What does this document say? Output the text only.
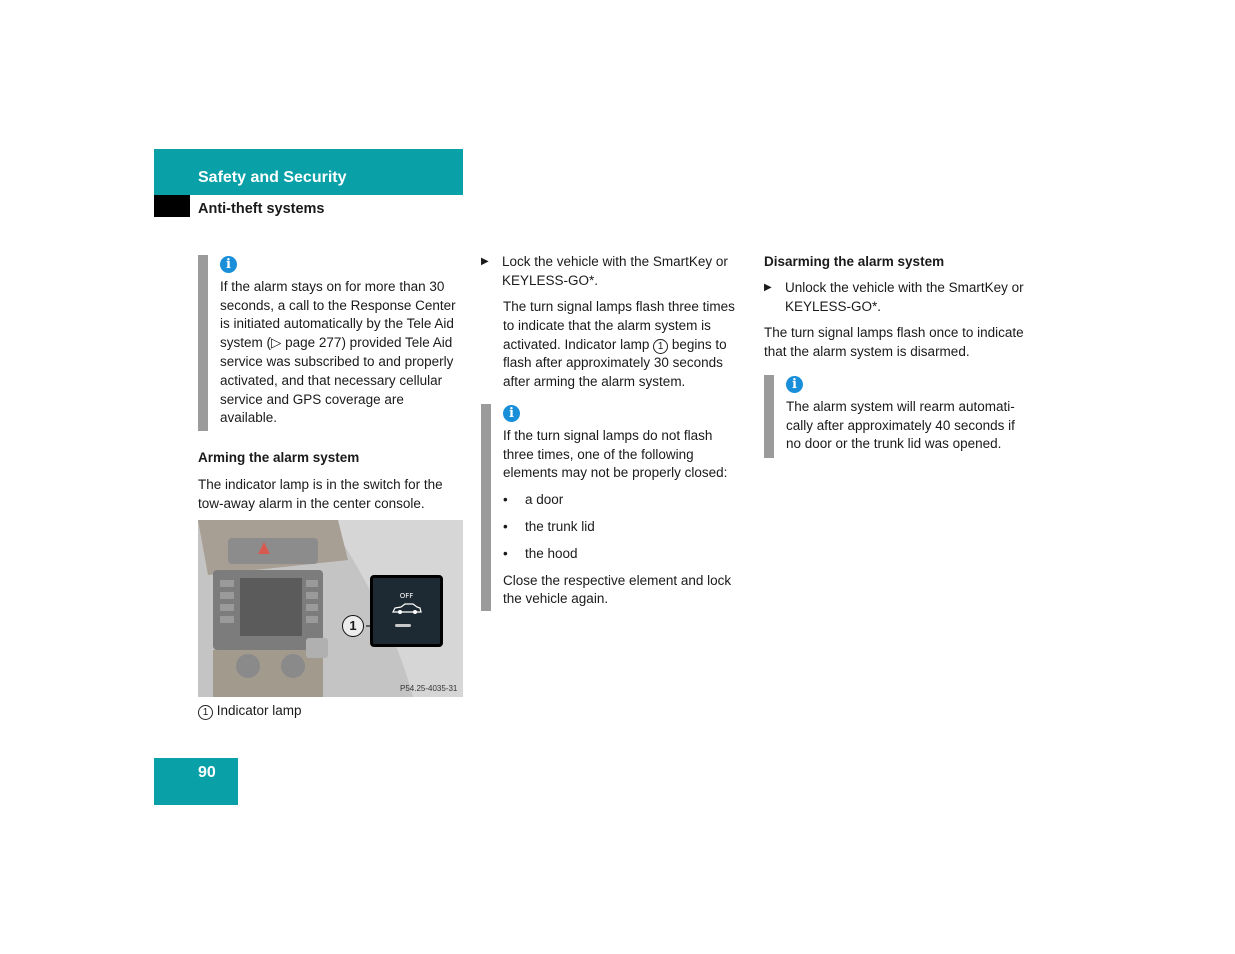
Safety and Security
Anti-theft systems
i

If the alarm stays on for more than 30 seconds, a call to the Response Center is initiated automatically by the Tele Aid system (▷ page 277) provided Tele Aid service was subscribed to and properly activated, and that necessary cellular service and GPS coverage are available.

Arming the alarm system

The indicator lamp is in the switch for the tow-away alarm in the center console.

OFF
1
P54.25-4035-31
1 Indicator lamp
▶ Lock the vehicle with the SmartKey or KEYLESS-GO*.

The turn signal lamps flash three times to indicate that the alarm system is activated. Indicator lamp 1 begins to flash after approximately 30 seconds after arming the alarm system.

i

If the turn signal lamps do not flash three times, one of the following elements may not be properly closed:

•	a door
•	the trunk lid
•	the hood

Close the respective element and lock the vehicle again.

Disarming the alarm system
▶ Unlock the vehicle with the SmartKey or KEYLESS-GO*.

The turn signal lamps flash once to indicate that the alarm system is disarmed.

i

The alarm system will rearm automati-cally after approximately 40 seconds if no door or the trunk lid was opened.

90
